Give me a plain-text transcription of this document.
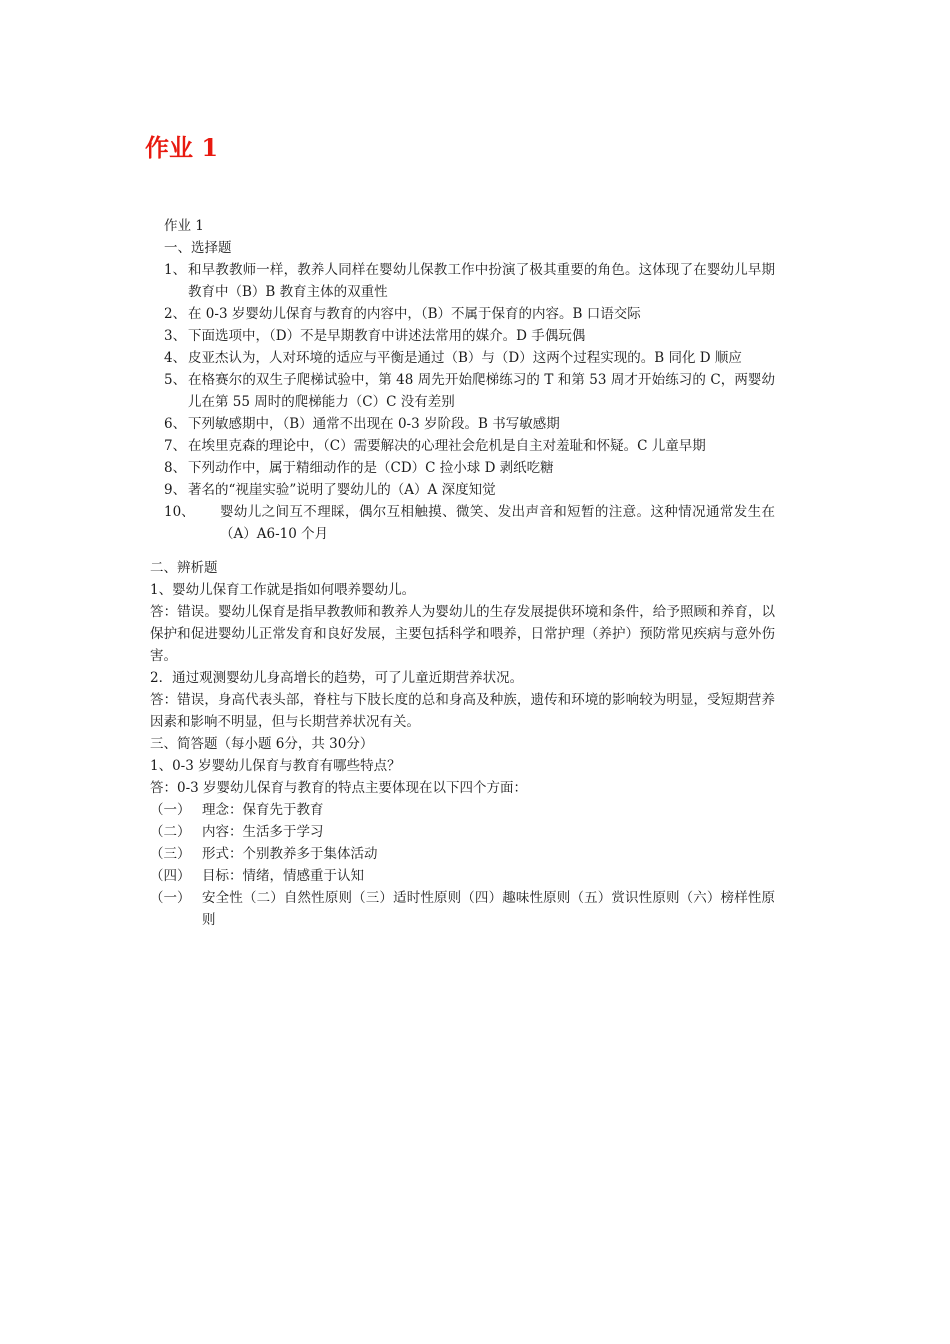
作业 1
作业 1
一、选择题
1、 和早教教师一样，教养人同样在婴幼儿保教工作中扮演了极其重要的角色。这体现了在婴幼儿早期教育中（B）B 教育主体的双重性
2、 在 0-3 岁婴幼儿保育与教育的内容中，（B）不属于保育的内容。B 口语交际
3、 下面选项中，（D）不是早期教育中讲述法常用的媒介。D 手偶玩偶
4、 皮亚杰认为，人对环境的适应与平衡是通过（B）与（D）这两个过程实现的。B 同化 D 顺应
5、 在格赛尔的双生子爬梯试验中，第 48 周先开始爬梯练习的 T 和第 53 周才开始练习的 C，两婴幼儿在第 55 周时的爬梯能力（C）C 没有差别
6、 下列敏感期中，（B）通常不出现在 0-3 岁阶段。B 书写敏感期
7、 在埃里克森的理论中，（C）需要解决的心理社会危机是自主对羞耻和怀疑。C 儿童早期
8、 下列动作中，属于精细动作的是（CD）C 捡小球 D 剥纸吃糖
9、 著名的“视崖实验”说明了婴幼儿的（A）A 深度知觉
10、	婴幼儿之间互不理睬，偶尔互相触摸、微笑、发出声音和短暂的注意。这种情况通常发生在（A）A6-10 个月
二、辨析题
1、婴幼儿保育工作就是指如何喂养婴幼儿。
答：错误。婴幼儿保育是指早教教师和教养人为婴幼儿的生存发展提供环境和条件，给予照顾和养育，以保护和促进婴幼儿正常发育和良好发展，主要包括科学和喂养，日常护理（养护）预防常见疾病与意外伤害。
2．通过观测婴幼儿身高增长的趋势，可了儿童近期营养状况。
答：错误，身高代表头部，脊柱与下肢长度的总和身高及种族，遗传和环境的影响较为明显，受短期营养因素和影响不明显，但与长期营养状况有关。
三、简答题（每小题 6分，共 30分）
1、0-3 岁婴幼儿保育与教育有哪些特点？
答：0-3 岁婴幼儿保育与教育的特点主要体现在以下四个方面：
（一） 理念：保育先于教育
（二） 内容：生活多于学习
（三） 形式：个别教养多于集体活动
（四） 目标：情绪，情感重于认知
（一） 安全性（二）自然性原则（三）适时性原则（四）趣味性原则（五）赏识性原则（六）榜样性原则
